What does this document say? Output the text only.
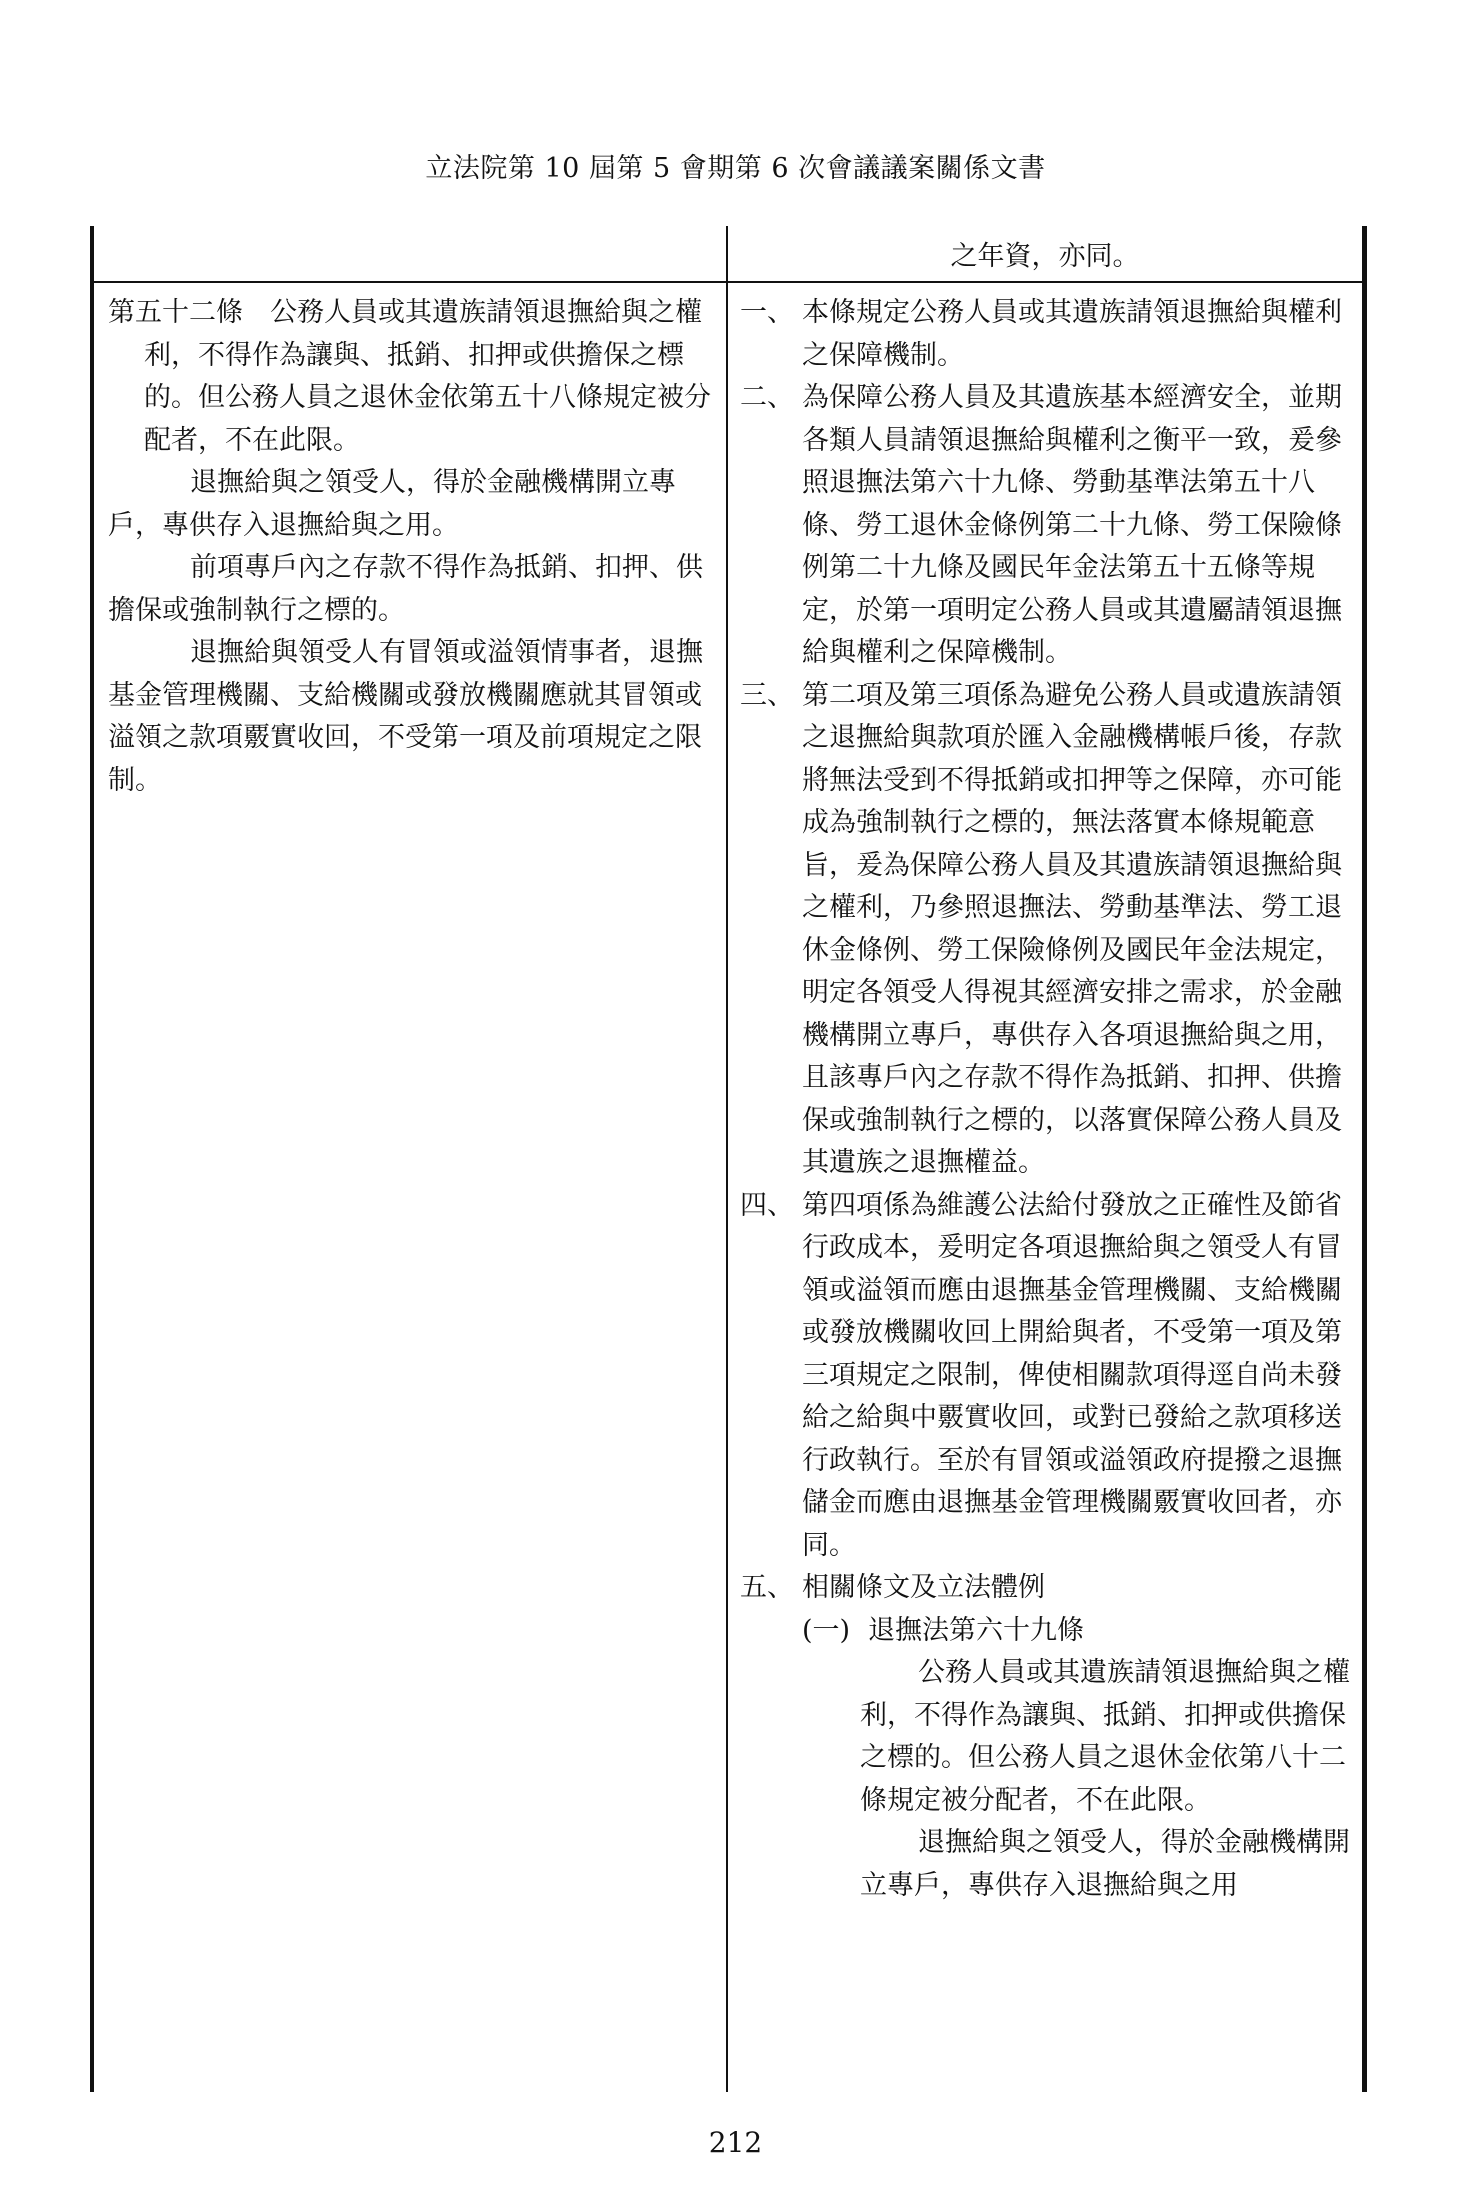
立法院第 10 屆第 5 會期第 6 次會議議案關係文書
之年資，亦同。

第五十二條　公務人員或其遺族請領退撫給與之權利，不得作為讓與、抵銷、扣押或供擔保之標的。但公務人員之退休金依第五十八條規定被分配者，不在此限。

退撫給與之領受人，得於金融機構開立專戶，專供存入退撫給與之用。

前項專戶內之存款不得作為抵銷、扣押、供擔保或強制執行之標的。

退撫給與領受人有冒領或溢領情事者，退撫基金管理機關、支給機關或發放機關應就其冒領或溢領之款項覈實收回，不受第一項及前項規定之限制。

一、 本條規定公務人員或其遺族請領退撫給與權利之保障機制。
二、 為保障公務人員及其遺族基本經濟安全，並期各類人員請領退撫給與權利之衡平一致，爰參照退撫法第六十九條、勞動基準法第五十八條、勞工退休金條例第二十九條、勞工保險條例第二十九條及國民年金法第五十五條等規定，於第一項明定公務人員或其遺屬請領退撫給與權利之保障機制。
三、 第二項及第三項係為避免公務人員或遺族請領之退撫給與款項於匯入金融機構帳戶後，存款將無法受到不得抵銷或扣押等之保障，亦可能成為強制執行之標的，無法落實本條規範意旨，爰為保障公務人員及其遺族請領退撫給與之權利，乃參照退撫法、勞動基準法、勞工退休金條例、勞工保險條例及國民年金法規定，明定各領受人得視其經濟安排之需求，於金融機構開立專戶，專供存入各項退撫給與之用，且該專戶內之存款不得作為抵銷、扣押、供擔保或強制執行之標的，以落實保障公務人員及其遺族之退撫權益。
四、 第四項係為維護公法給付發放之正確性及節省行政成本，爰明定各項退撫給與之領受人有冒領或溢領而應由退撫基金管理機關、支給機關或發放機關收回上開給與者，不受第一項及第三項規定之限制，俾使相關款項得逕自尚未發給之給與中覈實收回，或對已發給之款項移送行政執行。至於有冒領或溢領政府提撥之退撫儲金而應由退撫基金管理機關覈實收回者，亦同。
五、 相關條文及立法體例
(一) 退撫法第六十九條

公務人員或其遺族請領退撫給與之權利，不得作為讓與、抵銷、扣押或供擔保之標的。但公務人員之退休金依第八十二條規定被分配者，不在此限。

退撫給與之領受人，得於金融機構開立專戶，專供存入退撫給與之用

212
